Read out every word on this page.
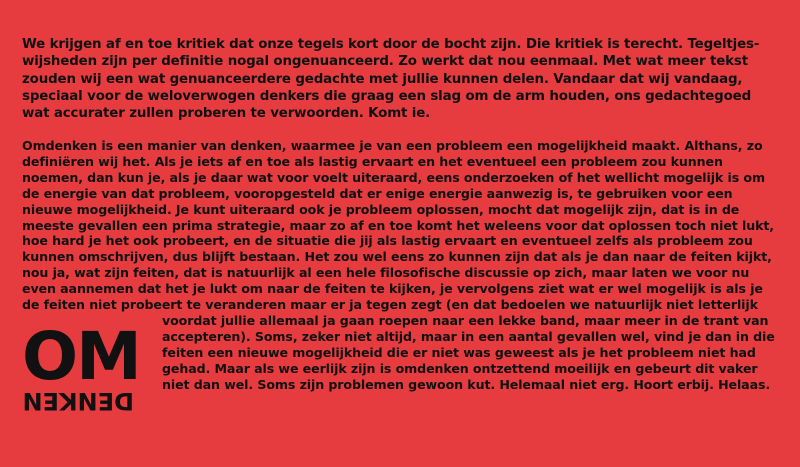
We krijgen af en toe kritiek dat onze tegels kort door de bocht zijn. Die kritiek is terecht. Tegeltjes-
wijsheden zijn per definitie nogal ongenuanceerd. Zo werkt dat nou eenmaal. Met wat meer tekst
zouden wij een wat genuanceerdere gedachte met jullie kunnen delen. Vandaar dat wij vandaag,
speciaal voor de weloverwogen denkers die graag een slag om de arm houden, ons gedachtegoed
wat accurater zullen proberen te verwoorden. Komt ie.

Omdenken is een manier van denken, waarmee je van een probleem een mogelijkheid maakt. Althans, zo
definiëren wij het. Als je iets af en toe als lastig ervaart en het eventueel een probleem zou kunnen
noemen, dan kun je, als je daar wat voor voelt uiteraard, eens onderzoeken of het wellicht mogelijk is om
de energie van dat probleem, vooropgesteld dat er enige energie aanwezig is, te gebruiken voor een
nieuwe mogelijkheid. Je kunt uiteraard ook je probleem oplossen, mocht dat mogelijk zijn, dat is in de
meeste gevallen een prima strategie, maar zo af en toe komt het weleens voor dat oplossen toch niet lukt,
hoe hard je het ook probeert, en de situatie die jij als lastig ervaart en eventueel zelfs als probleem zou
kunnen omschrijven, dus blijft bestaan. Het zou wel eens zo kunnen zijn dat als je dan naar de feiten kijkt,
nou ja, wat zijn feiten, dat is natuurlijk al een hele filosofische discussie op zich, maar laten we voor nu
even aannemen dat het je lukt om naar de feiten te kijken, je vervolgens ziet wat er wel mogelijk is als je
de feiten niet probeert te veranderen maar er ja tegen zegt (en dat bedoelen we natuurlijk niet letterlijk
voordat jullie allemaal ja gaan roepen naar een lekke band, maar meer in de trant van
accepteren). Soms, zeker niet altijd, maar in een aantal gevallen wel, vind je dan in die
feiten een nieuwe mogelijkheid die er niet was geweest als je het probleem niet had
gehad. Maar als we eerlijk zijn is omdenken ontzettend moeilijk en gebeurt dit vaker
niet dan wel. Soms zijn problemen gewoon kut. Helemaal niet erg. Hoort erbij. Helaas.

OM
DENKEN
